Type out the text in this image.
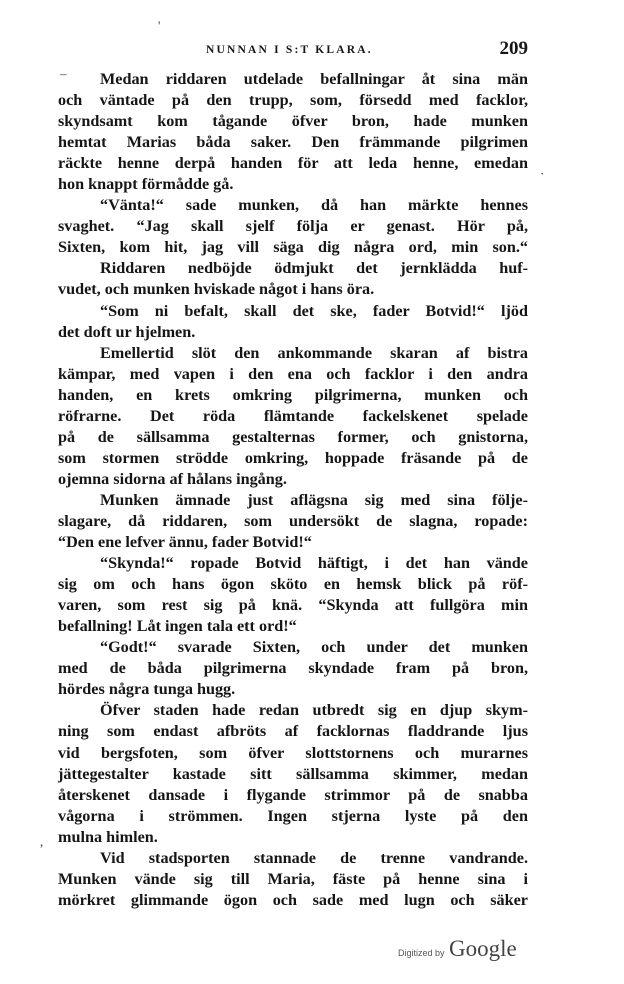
NUNNAN I S:T KLARA.	209
'
–
·
,
Medan riddaren utdelade befallningar åt sina män
och väntade på den trupp, som, försedd med facklor,
skyndsamt kom tågande öfver bron, hade munken
hemtat Marias båda saker. Den främmande pilgrimen
räckte henne derpå handen för att leda henne, emedan
hon knappt förmådde gå.
“Vänta!“ sade munken, då han märkte hennes
svaghet. “Jag skall sjelf följa er genast. Hör på,
Sixten, kom hit, jag vill säga dig några ord, min son.“
Riddaren nedböjde ödmjukt det jernklädda huf-
vudet, och munken hviskade något i hans öra.
“Som ni befalt, skall det ske, fader Botvid!“ ljöd
det doft ur hjelmen.
Emellertid slöt den ankommande skaran af bistra
kämpar, med vapen i den ena och facklor i den andra
handen, en krets omkring pilgrimerna, munken och
röfrarne. Det röda flämtande fackelskenet spelade
på de sällsamma gestalternas former, och gnistorna,
som stormen strödde omkring, hoppade fräsande på de
ojemna sidorna af hålans ingång.
Munken ämnade just aflägsna sig med sina följe-
slagare, då riddaren, som undersökt de slagna, ropade:
“Den ene lefver ännu, fader Botvid!“
“Skynda!“ ropade Botvid häftigt, i det han vände
sig om och hans ögon sköto en hemsk blick på röf-
varen, som rest sig på knä. “Skynda att fullgöra min
befallning! Låt ingen tala ett ord!“
“Godt!“ svarade Sixten, och under det munken
med de båda pilgrimerna skyndade fram på bron,
hördes några tunga hugg.
Öfver staden hade redan utbredt sig en djup skym-
ning som endast afbröts af facklornas fladdrande ljus
vid bergsfoten, som öfver slottstornens och murarnes
jättegestalter kastade sitt sällsamma skimmer, medan
återskenet dansade i flygande strimmor på de snabba
vågorna i strömmen. Ingen stjerna lyste på den
mulna himlen.
Vid stadsporten stannade de trenne vandrande.
Munken vände sig till Maria, fäste på henne sina i
mörkret glimmande ögon och sade med lugn och säker
Digitized by Google
